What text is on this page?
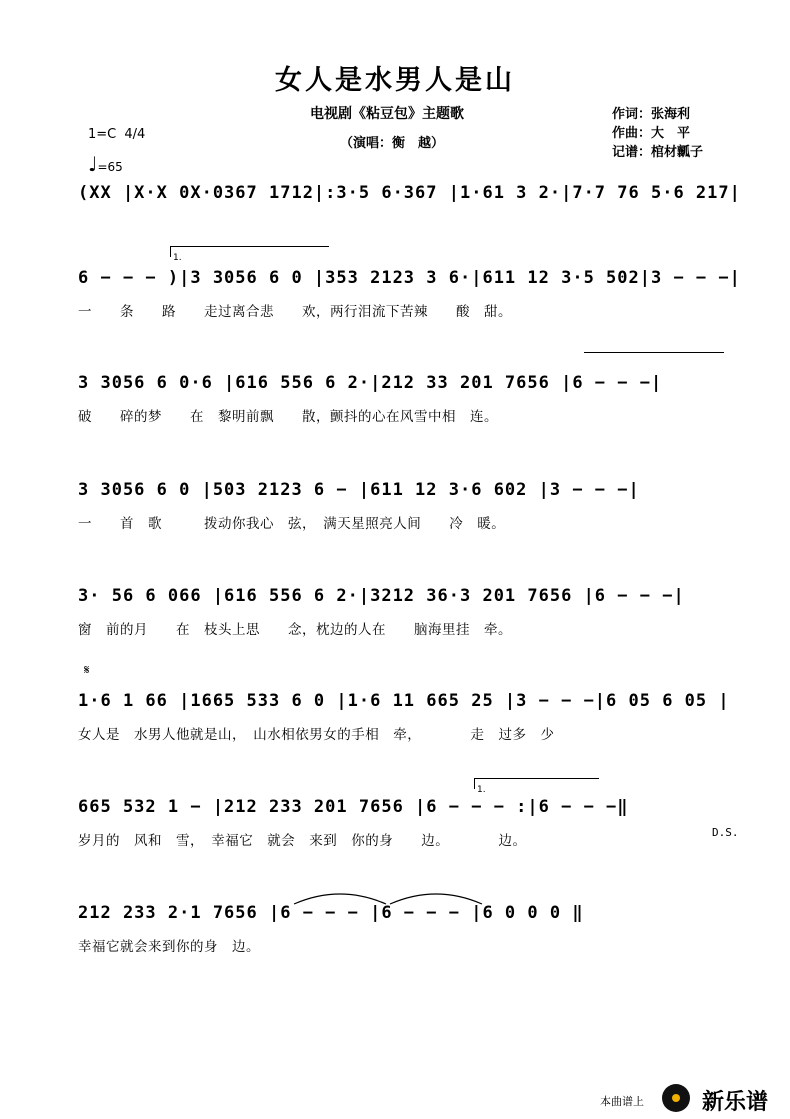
女人是水男人是山
电视剧《粘豆包》主题歌
（演唱：衡　越）
作词：张海利
作曲：大　平
记谱：棺材瓤子
1=C 4/4
♩=65
1.
1.
𝄋
(XX |X·X 0X·0367 1712|:3·5 6·367 |1·61 3 2·|7·7 76 5·6 217|
6 − − − )|3 3056 6 0 |353 2123 3 6·|611 12 3·5 502|3 − − −|
一　　条　　路　　走过离合悲　　欢，两行泪流下苦辣　　酸　甜。
3 3056 6 0·6 |616 556 6 2·|212 33 201 7656 |6 − − −|
破　　碎的梦　　在　黎明前飘　　散，颤抖的心在风雪中相　连。
3 3056 6 0 |503 2123 6 − |611 12 3·6 602 |3 − − −|
一　　首　歌　　　拨动你我心　弦，　满天星照亮人间　　冷　暖。
3· 56 6 066 |616 556 6 2·|3212 36·3 201 7656 |6 − − −|
窗　前的月　　在　枝头上思　　念，枕边的人在　　脑海里挂　牵。
1·6 1 66 |1665 533 6 0 |1·6 11 665 25 |3 − − −|6 05 6 05 |
女人是　水男人他就是山，　山水相依男女的手相　牵，　　　　走　过多　少
665 532 1 − |212 233 201 7656 |6 − − − :|6 − − −‖
岁月的　风和　雪，　幸福它　就会　来到　你的身　　边。　　　　边。
D.S.
212 233 2·1 7656 |6 − − − |6 − − − |6 0 0 0 ‖
幸福它就会来到你的身　边。
本曲谱上	新乐谱
